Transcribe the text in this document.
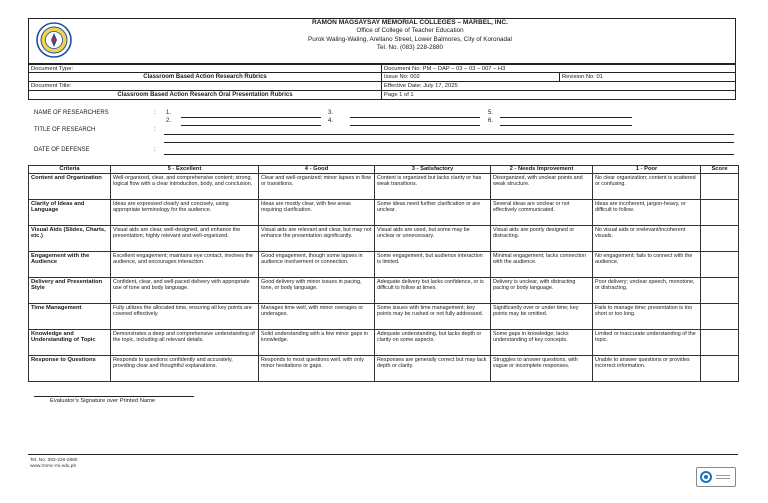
RAMON MAGSAYSAY MEMORIAL COLLEGES – MARBEL, INC.
Office of College of Teacher Education
Purok Waling-Waling, Arellano Street, Lower Balmores, City of Koronadal
Tel. No. (083) 228-2880
Document Type:	Document No: PM – DAP – 03 – 03 – 007 – H3
Classroom Based Action Research Rubrics	Issue No: 002	Revision No: 01
Document Title:	Effective Date: July 17, 2025
Classroom Based Action Research Oral Presentation Rubrics	Page 1 of 1
NAME OF RESEARCHERS	: 1.
2.
3.
4.
5.
6.
TITLE OF RESEARCH	:
DATE OF DEFENSE	:
Criteria	5 - Excellent	4 - Good	3 - Satisfactory	2 - Needs Improvement	1 - Poor	Score
Content and Organization	Well-organized, clear, and comprehensive content; strong, logical flow with a clear introduction, body, and conclusion.	Clear and well-organized; minor lapses in flow or transitions.	Content is organized but lacks clarity or has weak transitions.	Disorganized, with unclear points and weak structure.	No clear organization; content is scattered or confusing.	
Clarity of Ideas and Language	Ideas are expressed clearly and concisely, using appropriate terminology for the audience.	Ideas are mostly clear, with few areas requiring clarification.	Some ideas need further clarification or are unclear.	Several ideas are unclear or not effectively communicated.	Ideas are incoherent, jargon-heavy, or difficult to follow.	
Visual Aids (Slides, Charts, etc.)	Visual aids are clear, well-designed, and enhance the presentation; highly relevant and well-organized.	Visual aids are relevant and clear, but may not enhance the presentation significantly.	Visual aids are used, but some may be unclear or unnecessary.	Visual aids are poorly designed or distracting.	No visual aids or irrelevant/incoherent visuals.	
Engagement with the Audience	Excellent engagement; maintains eye contact, involves the audience, and encourages interaction.	Good engagement, though some lapses in audience involvement or connection.	Some engagement, but audience interaction is limited.	Minimal engagement; lacks connection with the audience.	No engagement; fails to connect with the audience.	
Delivery and Presentation Style	Confident, clear, and well-paced delivery with appropriate use of tone and body language.	Good delivery with minor issues in pacing, tone, or body language.	Adequate delivery but lacks confidence, or is difficult to follow at times.	Delivery is unclear, with distracting pacing or body language.	Poor delivery; unclear speech, monotone, or distracting.	
Time Management	Fully utilizes the allocated time, ensuring all key points are covered effectively.	Manages time well, with minor overages or underages.	Some issues with time management; key points may be rushed or not fully addressed.	Significantly over or under time; key points may be omitted.	Fails to manage time; presentation is too short or too long.	
Knowledge and Understanding of Topic	Demonstrates a deep and comprehensive understanding of the topic, including all relevant details.	Solid understanding with a few minor gaps in knowledge.	Adequate understanding, but lacks depth or clarity on some aspects.	Some gaps in knowledge; lacks understanding of key concepts.	Limited or inaccurate understanding of the topic.	
Response to Questions	Responds to questions confidently and accurately, providing clear and thoughtful explanations.	Responds to most questions well, with only minor hesitations or gaps.	Responses are generally correct but may lack depth or clarity.	Struggles to answer questions, with vague or incomplete responses.	Unable to answer questions or provides incorrect information.	
Evaluator’s Signature over Printed Name
Tel. No. 083-228-2880
www.rmmc-mi.edu.ph
